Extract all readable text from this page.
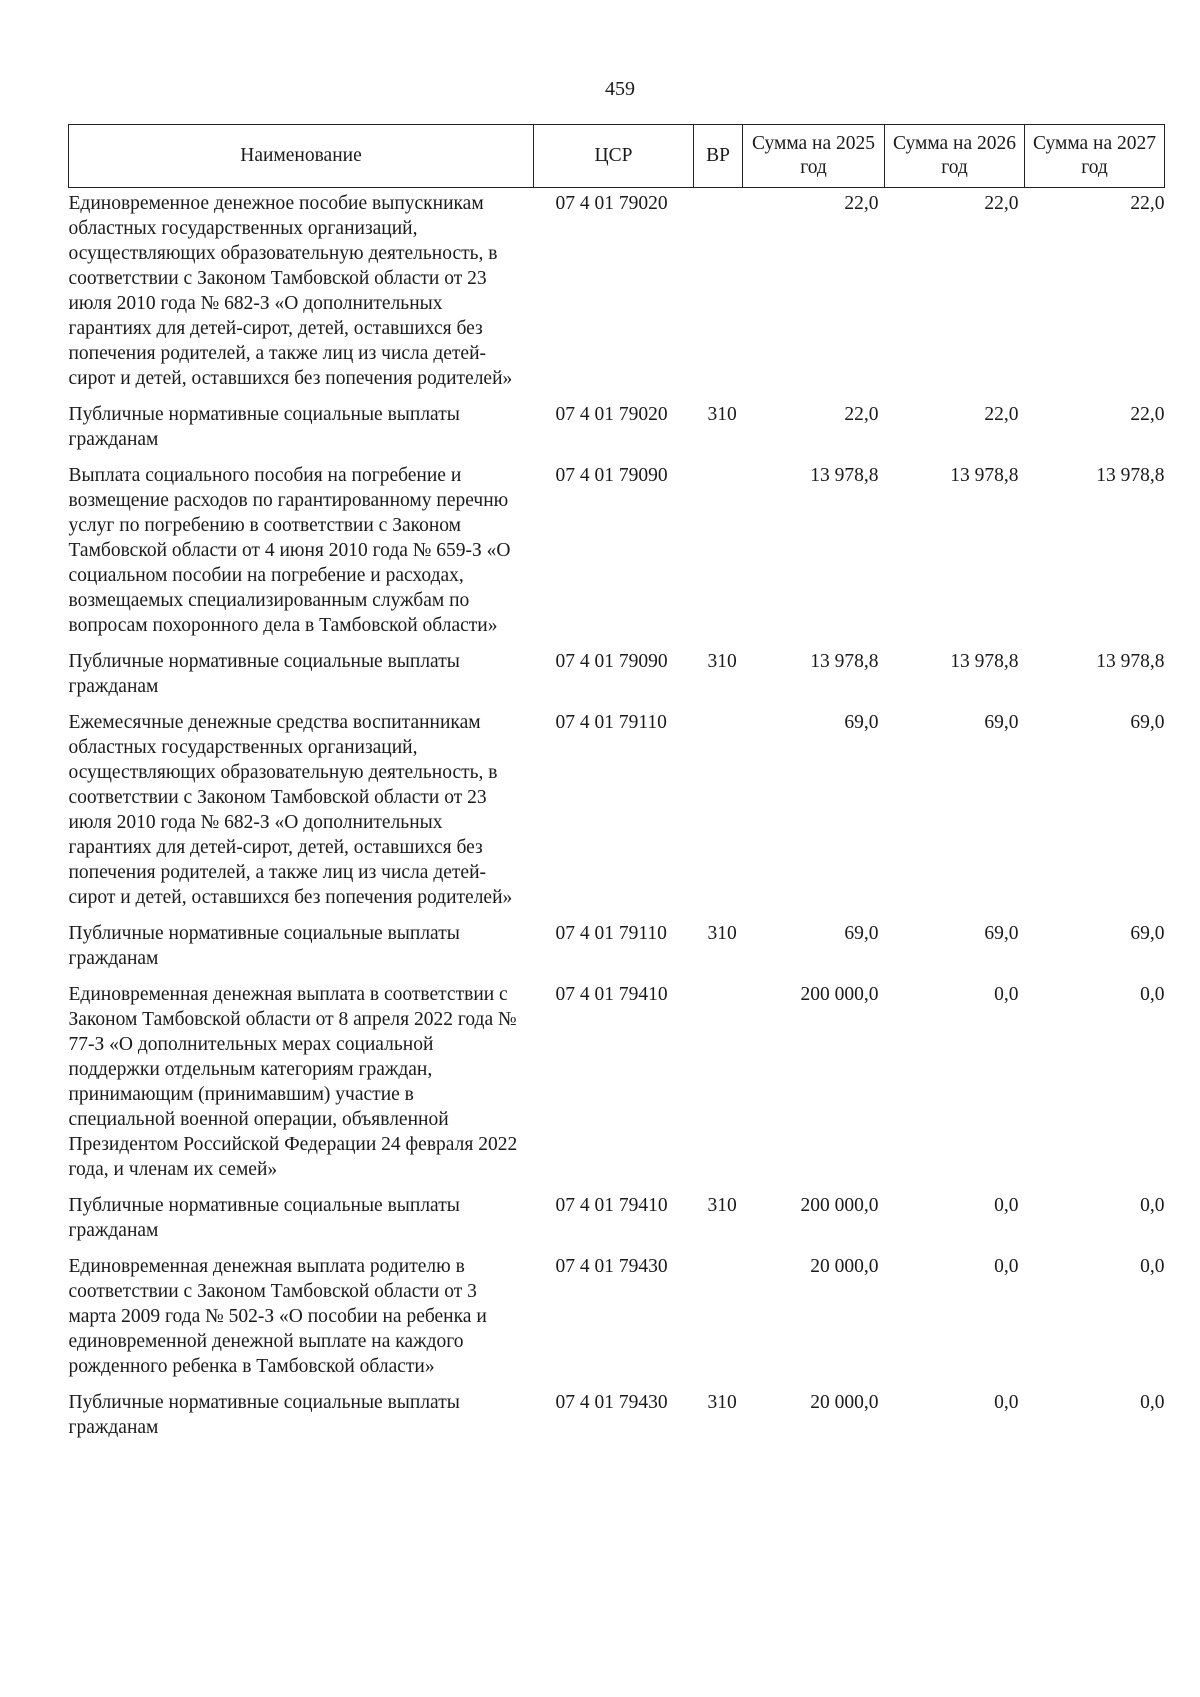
459
Наименование	ЦСР	ВР	Сумма на 2025 год	Сумма на 2026 год	Сумма на 2027 год
Единовременное денежное пособие выпускникам областных государственных организаций, осуществляющих образовательную деятельность, в соответствии с Законом Тамбовской области от 23 июля 2010 года № 682-З «О дополнительных гарантиях для детей-сирот, детей, оставшихся без попечения родителей, а также лиц из числа детей-сирот и детей, оставшихся без попечения родителей»	07 4 01 79020		22,0	22,0	22,0
Публичные нормативные социальные выплаты гражданам	07 4 01 79020	310	22,0	22,0	22,0
Выплата социального пособия на погребение и возмещение расходов по гарантированному перечню услуг по погребению в соответствии с Законом Тамбовской области от 4 июня 2010 года № 659-З «О социальном пособии на погребение и расходах, возмещаемых специализированным службам по вопросам похоронного дела в Тамбовской области»	07 4 01 79090		13 978,8	13 978,8	13 978,8
Публичные нормативные социальные выплаты гражданам	07 4 01 79090	310	13 978,8	13 978,8	13 978,8
Ежемесячные денежные средства воспитанникам областных государственных организаций, осуществляющих образовательную деятельность, в соответствии с Законом Тамбовской области от 23 июля 2010 года № 682-З «О дополнительных гарантиях для детей-сирот, детей, оставшихся без попечения родителей, а также лиц из числа детей-сирот и детей, оставшихся без попечения родителей»	07 4 01 79110		69,0	69,0	69,0
Публичные нормативные социальные выплаты гражданам	07 4 01 79110	310	69,0	69,0	69,0
Единовременная денежная выплата в соответствии с Законом Тамбовской области от 8 апреля 2022 года № 77-З «О дополнительных мерах социальной поддержки отдельным категориям граждан, принимающим (принимавшим) участие в специальной военной операции, объявленной Президентом Российской Федерации 24 февраля 2022 года, и членам их семей»	07 4 01 79410		200 000,0	0,0	0,0
Публичные нормативные социальные выплаты гражданам	07 4 01 79410	310	200 000,0	0,0	0,0
Единовременная денежная выплата родителю в соответствии с Законом Тамбовской области от 3 марта 2009 года № 502-З «О пособии на ребенка и единовременной денежной выплате на каждого рожденного ребенка в Тамбовской области»	07 4 01 79430		20 000,0	0,0	0,0
Публичные нормативные социальные выплаты гражданам	07 4 01 79430	310	20 000,0	0,0	0,0
